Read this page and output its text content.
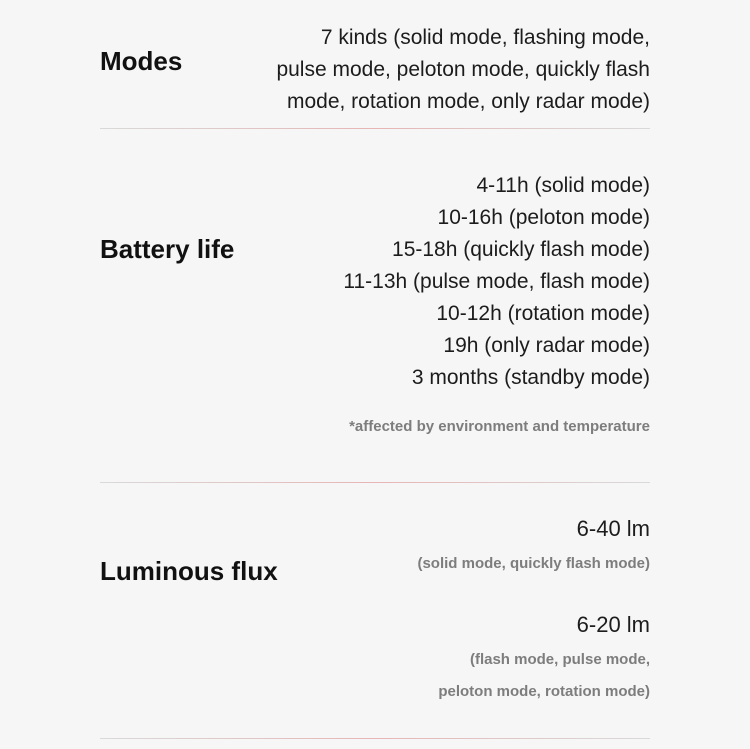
Modes
7 kinds (solid mode, flashing mode,
pulse mode, peloton mode, quickly flash
mode, rotation mode, only radar mode)
Battery life
4-11h (solid mode)
10-16h (peloton mode)
15-18h (quickly flash mode)
11-13h (pulse mode, flash mode)
10-12h (rotation mode)
19h (only radar mode)
3 months (standby mode)
*affected by environment and temperature
Luminous flux
6-40 lm
(solid mode, quickly flash mode)
6-20 lm
(flash mode, pulse mode,
peloton mode, rotation mode)
